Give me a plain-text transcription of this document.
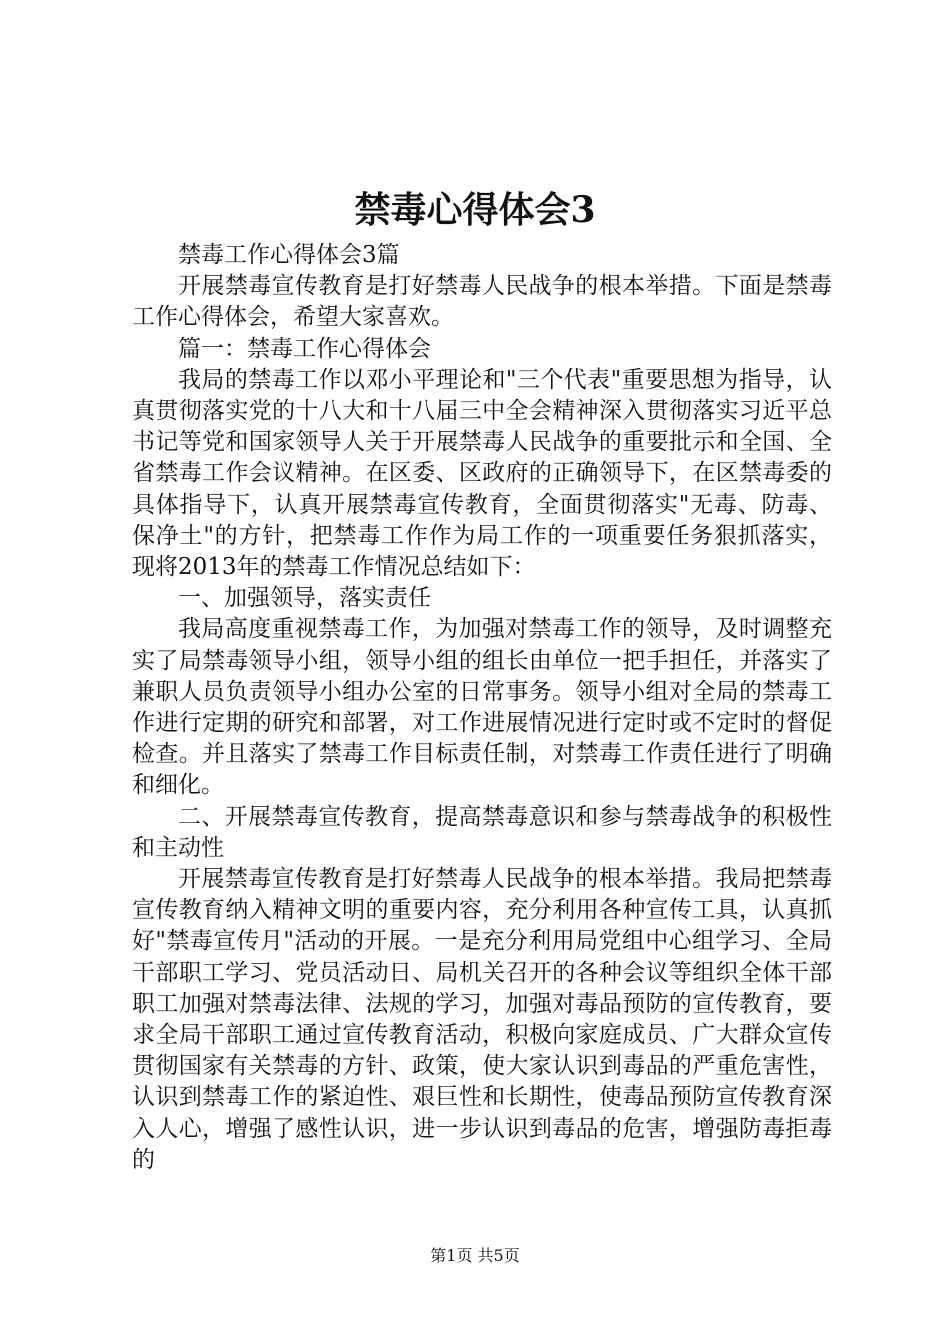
禁毒心得体会3

禁毒工作心得体会3篇

开展禁毒宣传教育是打好禁毒人民战争的根本举措。下面是禁毒工作心得体会，希望大家喜欢。

篇一：禁毒工作心得体会

我局的禁毒工作以邓小平理论和"三个代表"重要思想为指导，认真贯彻落实党的十八大和十八届三中全会精神深入贯彻落实习近平总书记等党和国家领导人关于开展禁毒人民战争的重要批示和全国、全省禁毒工作会议精神。在区委、区政府的正确领导下，在区禁毒委的具体指导下，认真开展禁毒宣传教育，全面贯彻落实"无毒、防毒、保净土"的方针，把禁毒工作作为局工作的一项重要任务狠抓落实，现将2013年的禁毒工作情况总结如下：

一、加强领导，落实责任

我局高度重视禁毒工作，为加强对禁毒工作的领导，及时调整充实了局禁毒领导小组，领导小组的组长由单位一把手担任，并落实了兼职人员负责领导小组办公室的日常事务。领导小组对全局的禁毒工作进行定期的研究和部署，对工作进展情况进行定时或不定时的督促检查。并且落实了禁毒工作目标责任制，对禁毒工作责任进行了明确和细化。

二、开展禁毒宣传教育，提高禁毒意识和参与禁毒战争的积极性和主动性

开展禁毒宣传教育是打好禁毒人民战争的根本举措。我局把禁毒宣传教育纳入精神文明的重要内容，充分利用各种宣传工具，认真抓好"禁毒宣传月"活动的开展。一是充分利用局党组中心组学习、全局干部职工学习、党员活动日、局机关召开的各种会议等组织全体干部职工加强对禁毒法律、法规的学习，加强对毒品预防的宣传教育，要求全局干部职工通过宣传教育活动，积极向家庭成员、广大群众宣传贯彻国家有关禁毒的方针、政策，使大家认识到毒品的严重危害性，认识到禁毒工作的紧迫性、艰巨性和长期性，使毒品预防宣传教育深入人心，增强了感性认识，进一步认识到毒品的危害，增强防毒拒毒的

第1页 共5页
